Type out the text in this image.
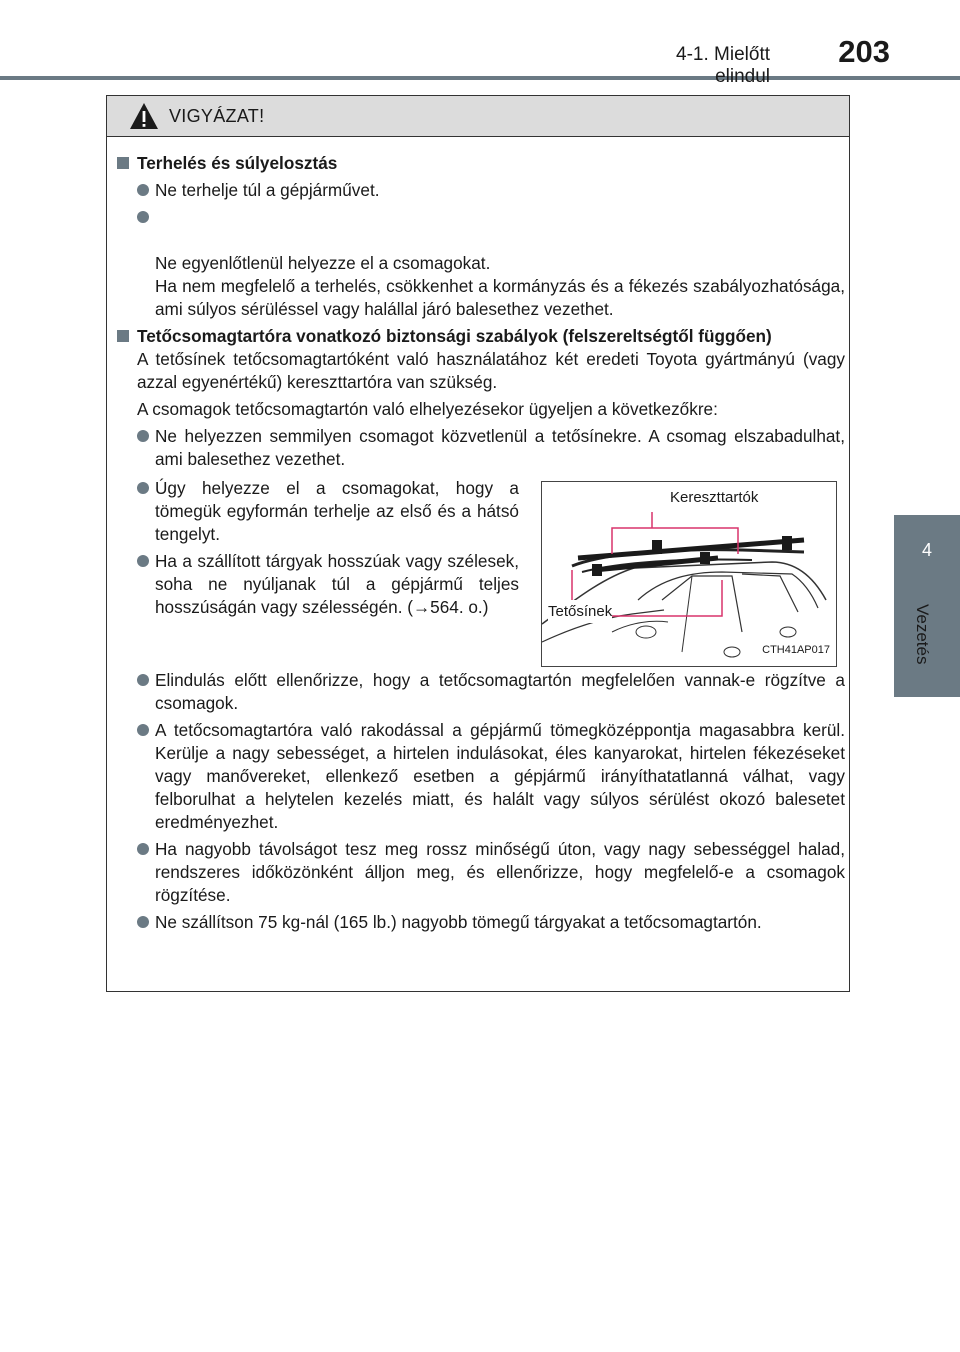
4-1. Mielőtt elindul
203
4
Vezetés
VIGYÁZAT!
Terhelés és súlyelosztás
Ne terhelje túl a gépjárművet.

Ne egyenlőtlenül helyezze el a csomagokat.
Ha nem megfelelő a terhelés, csökkenhet a kormányzás és a fékezés szabályozhatósága, ami súlyos sérüléssel vagy halállal járó balesethez vezethet.

Tetőcsomagtartóra vonatkozó biztonsági szabályok (felszereltségtől függően)
A tetősínek tetőcsomagtartóként való használatához két eredeti Toyota gyártmányú (vagy azzal egyenértékű) kereszttartóra van szükség.
A csomagok tetőcsomagtartón való elhelyezésekor ügyeljen a következőkre:
Ne helyezzen semmilyen csomagot közvetlenül a tetősínekre. A csomag elszabadulhat, ami balesethez vezethet.
Úgy helyezze el a csomagokat, hogy a tömegük egyformán terhelje az első és a hátsó tengelyt.
Ha a szállított tárgyak hosszúak vagy szélesek, soha ne nyúljanak túl a gépjármű teljes hosszúságán vagy szélességén. (→564. o.)
Kereszttartók
Tetősínek
CTH41AP017
Elindulás előtt ellenőrizze, hogy a tetőcsomagtartón megfelelően vannak-e rögzítve a csomagok.
A tetőcsomagtartóra való rakodással a gépjármű tömegközéppontja magasabbra kerül. Kerülje a nagy sebességet, a hirtelen indulásokat, éles kanyarokat, hirtelen fékezéseket vagy manővereket, ellenkező esetben a gépjármű irányíthatatlanná válhat, vagy felborulhat a helytelen kezelés miatt, és halált vagy súlyos sérülést okozó balesetet eredményezhet.
Ha nagyobb távolságot tesz meg rossz minőségű úton, vagy nagy sebességgel halad, rendszeres időközönként álljon meg, és ellenőrizze, hogy megfelelő-e a csomagok rögzítése.
Ne szállítson 75 kg-nál (165 lb.) nagyobb tömegű tárgyakat a tetőcsomagtartón.
